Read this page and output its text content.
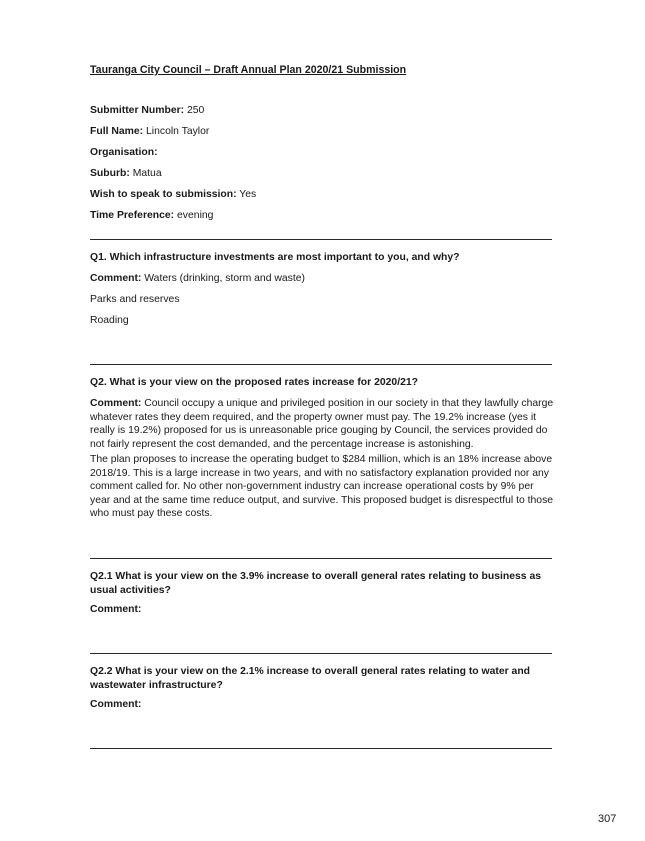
Tauranga City Council – Draft Annual Plan 2020/21 Submission
Submitter Number: 250
Full Name: Lincoln Taylor
Organisation:
Suburb: Matua
Wish to speak to submission: Yes
Time Preference: evening
Q1. Which infrastructure investments are most important to you, and why?
Comment: Waters (drinking, storm and waste)
Parks and reserves
Roading
Q2. What is your view on the proposed rates increase for 2020/21?
Comment: Council occupy a unique and privileged position in our society in that they lawfully charge whatever rates they deem required, and the property owner must pay. The 19.2% increase (yes it really is 19.2%) proposed for us is unreasonable price gouging by Council, the services provided do not fairly represent the cost demanded, and the percentage increase is astonishing.
The plan proposes to increase the operating budget to $284 million, which is an 18% increase above 2018/19. This is a large increase in two years, and with no satisfactory explanation provided nor any comment called for. No other non-government industry can increase operational costs by 9% per year and at the same time reduce output, and survive. This proposed budget is disrespectful to those who must pay these costs.
Q2.1 What is your view on the 3.9% increase to overall general rates relating to business as usual activities?
Comment:
Q2.2 What is your view on the 2.1% increase to overall general rates relating to water and wastewater infrastructure?
Comment:
307
